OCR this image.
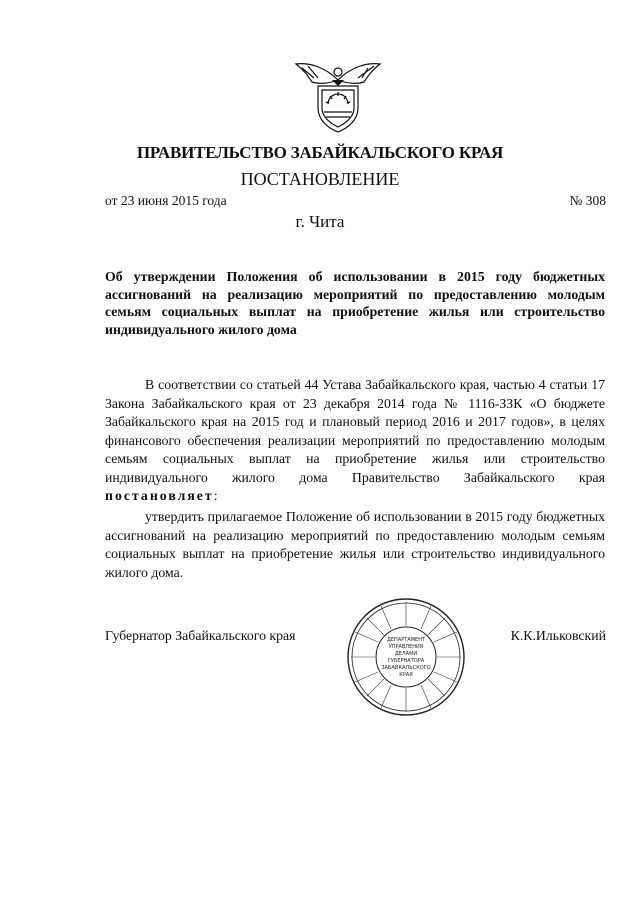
ПРАВИТЕЛЬСТВО ЗАБАЙКАЛЬСКОГО КРАЯ
ПОСТАНОВЛЕНИЕ
от 23 июня 2015 года	№ 308
г. Чита
Об утверждении Положения об использовании в 2015 году бюджетных ассигнований на реализацию мероприятий по предоставлению молодым семьям социальных выплат на приобретение жилья или строительство индивидуального жилого дома
В соответствии со статьей 44 Устава Забайкальского края, частью 4 статьи 17 Закона Забайкальского края от 23 декабря 2014 года № 1116-ЗЗК «О бюджете Забайкальского края на 2015 год и плановый период 2016 и 2017 годов», в целях финансового обеспечения реализации мероприятий по предоставлению молодым семьям социальных выплат на приобретение жилья или строительство индивидуального жилого дома Правительство Забайкальского края постановляет:
утвердить прилагаемое Положение об использовании в 2015 году бюджетных ассигнований на реализацию мероприятий по предоставлению молодым семьям социальных выплат на приобретение жилья или строительство индивидуального жилого дома.
Губернатор Забайкальского края	К.К.Ильковский
ДЕПАРТАМЕНТ
УПРАВЛЕНИЯ
ДЕЛАМИ
ГУБЕРНАТОРА
ЗАБАЙКАЛЬСКОГО
КРАЯ
